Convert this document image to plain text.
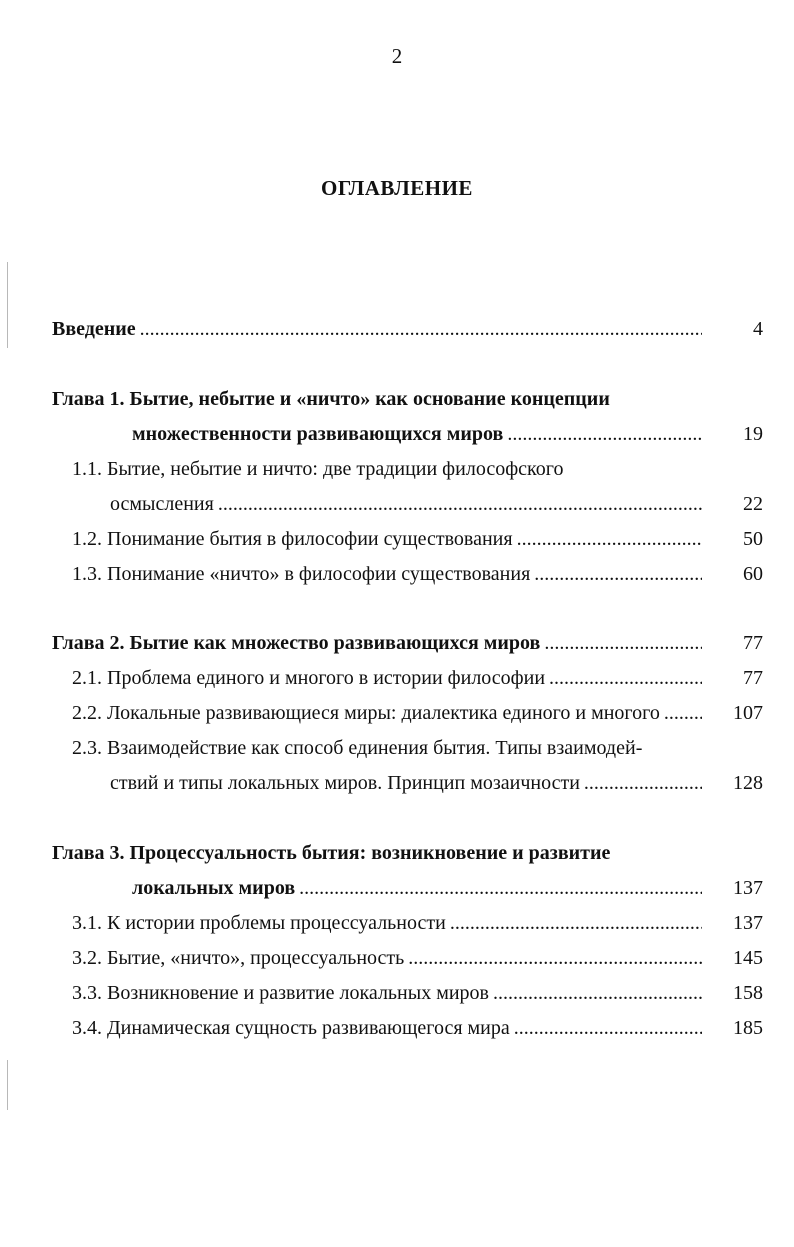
2
ОГЛАВЛЕНИЕ
Введение . . .	4
Глава 1. Бытие, небытие и «ничто» как основание концепции
множественности развивающихся миров . . .	19
1.1. Бытие, небытие и ничто: две традиции философского
осмысления . . .	22
1.2. Понимание бытия в философии существования . . .	50
1.3. Понимание «ничто» в философии существования . . .	60
Глава 2. Бытие как множество развивающихся миров . . .	77
2.1. Проблема единого и многого в истории философии . . .	77
2.2. Локальные развивающиеся миры: диалектика единого и многого . . .	107
2.3. Взаимодействие как способ единения бытия. Типы взаимодей-
ствий и типы локальных миров. Принцип мозаичности . . .	128
Глава 3. Процессуальность бытия: возникновение и развитие
локальных миров . . .	137
3.1. К истории проблемы процессуальности . . .	137
3.2. Бытие, «ничто», процессуальность . . .	145
3.3. Возникновение и развитие локальных миров . . .	158
3.4. Динамическая сущность развивающегося мира . . .	185
